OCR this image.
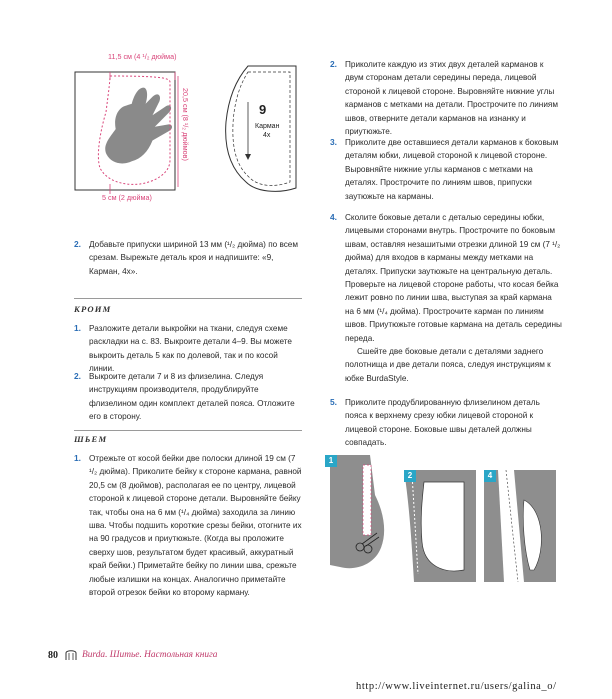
11,5 см (4 ¹/₂ дюйма)
20,5 см (8 ¹/₂ дюймов)
5 см (2 дюйма)
9
Карман
4x
2. Добавьте припуски шириной 13 мм (¹/₂ дюйма) по всем срезам. Вырежьте деталь кроя и надпишите: «9, Карман, 4x».
КРОИМ
1. Разложите детали выкройки на ткани, следуя схеме раскладки на с. 83. Выкроите детали 4–9. Вы можете выкроить деталь 5 как по долевой, так и по косой линии.
2. Выкроите детали 7 и 8 из флизелина. Следуя инструкциям производителя, продублируйте флизелином один комплект деталей пояса. Отложите его в сторону.
ШЬЕМ
1. Отрежьте от косой бейки две полоски длиной 19 см (7 ¹/₂ дюйма). Приколите бейку к стороне кармана, равной 20,5 см (8 дюймов), располагая ее по центру, лицевой стороной к лицевой стороне детали. Выровняйте бейку так, чтобы она на 6 мм (¹/₄ дюйма) заходила за линию шва. Чтобы подшить короткие срезы бейки, отогните их на 90 градусов и приутюжьте. (Когда вы проложите сверху шов, результатом будет красивый, аккуратный край бейки.) Приметайте бейку по линии шва, срежьте любые излишки на концах. Аналогично приметайте второй отрезок бейки ко второму карману.
2. Приколите каждую из этих двух деталей карманов к двум сторонам детали середины переда, лицевой стороной к лицевой стороне. Выровняйте нижние углы карманов с метками на детали. Прострочите по линиям швов, отверните детали карманов на изнанку и приутюжьте.
3. Приколите две оставшиеся детали карманов к боковым деталям юбки, лицевой стороной к лицевой стороне. Выровняйте нижние углы карманов с метками на деталях. Прострочите по линиям швов, припуски заутюжьте на карманы.
4. Сколите боковые детали с деталью середины юбки, лицевыми сторонами внутрь. Прострочите по боковым швам, оставляя незашитыми отрезки длиной 19 см (7 ¹/₂ дюйма) для входов в карманы между метками на деталях. Припуски заутюжьте на центральную деталь. Проверьте на лицевой стороне работы, что косая бейка лежит ровно по линии шва, выступая за край кармана на 6 мм (¹/₄ дюйма). Прострочите карман по линиям швов. Приутюжьте готовые кармана на деталь середины переда.
Сшейте две боковые детали с деталями заднего полотнища и две детали пояса, следуя инструкциям к юбке BurdaStyle.
5. Приколите продублированную флизелином деталь пояса к верхнему срезу юбки лицевой стороной к лицевой стороне. Боковые швы деталей должны совпадать.
1
2	4
80	Burda. Шитье. Настольная книга
http://www.liveinternet.ru/users/galina_o/
